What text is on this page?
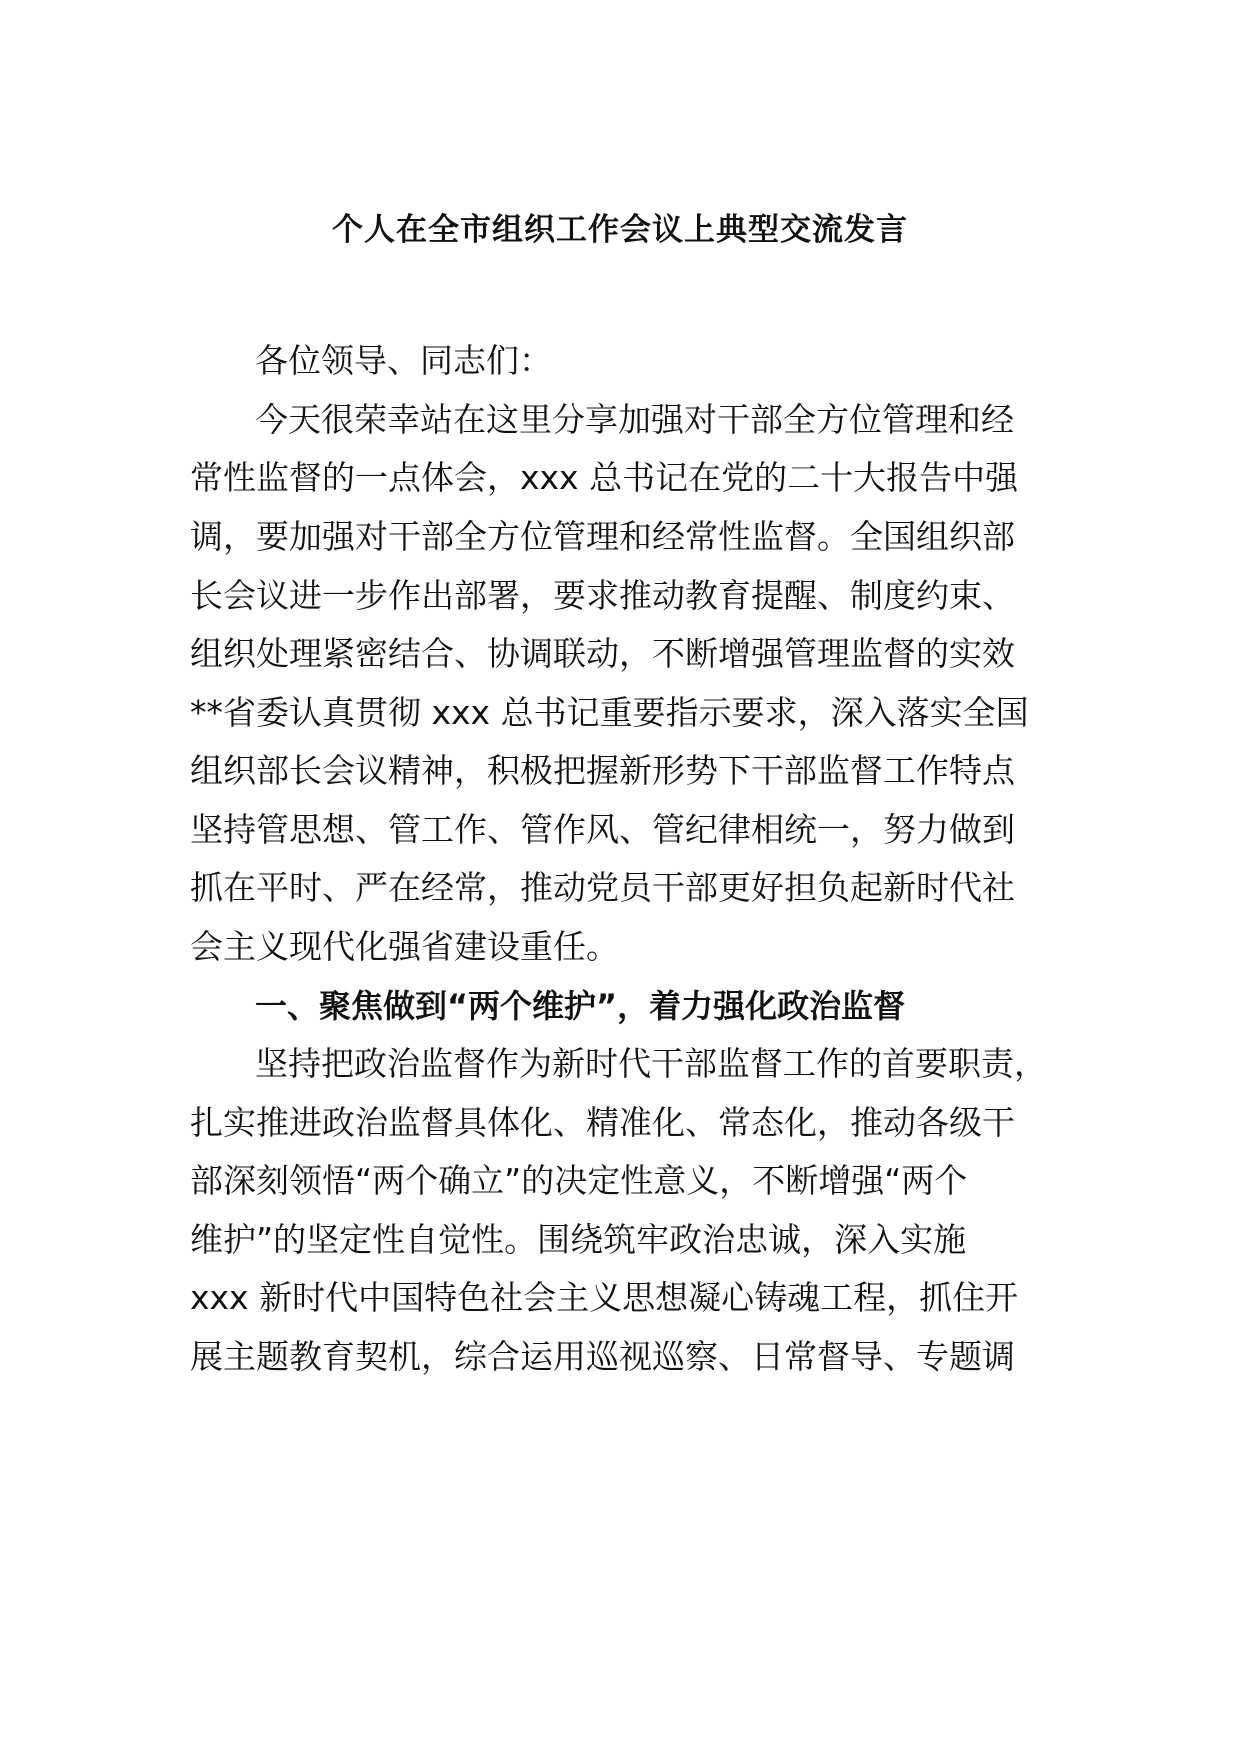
个人在全市组织工作会议上典型交流发言

各位领导、同志们：

今天很荣幸站在这里分享加强对干部全方位管理和经

常性监督的一点体会，xxx 总书记在党的二十大报告中强

调，要加强对干部全方位管理和经常性监督。全国组织部

长会议进一步作出部署，要求推动教育提醒、制度约束、

组织处理紧密结合、协调联动，不断增强管理监督的实效

**省委认真贯彻 xxx 总书记重要指示要求，深入落实全国

组织部长会议精神，积极把握新形势下干部监督工作特点

坚持管思想、管工作、管作风、管纪律相统一，努力做到

抓在平时、严在经常，推动党员干部更好担负起新时代社

会主义现代化强省建设重任。

一、聚焦做到“两个维护”，着力强化政治监督

坚持把政治监督作为新时代干部监督工作的首要职责，

扎实推进政治监督具体化、精准化、常态化，推动各级干

部深刻领悟“两个确立”的决定性意义，不断增强“两个

维护”的坚定性自觉性。围绕筑牢政治忠诚，深入实施

xxx 新时代中国特色社会主义思想凝心铸魂工程，抓住开

展主题教育契机，综合运用巡视巡察、日常督导、专题调
